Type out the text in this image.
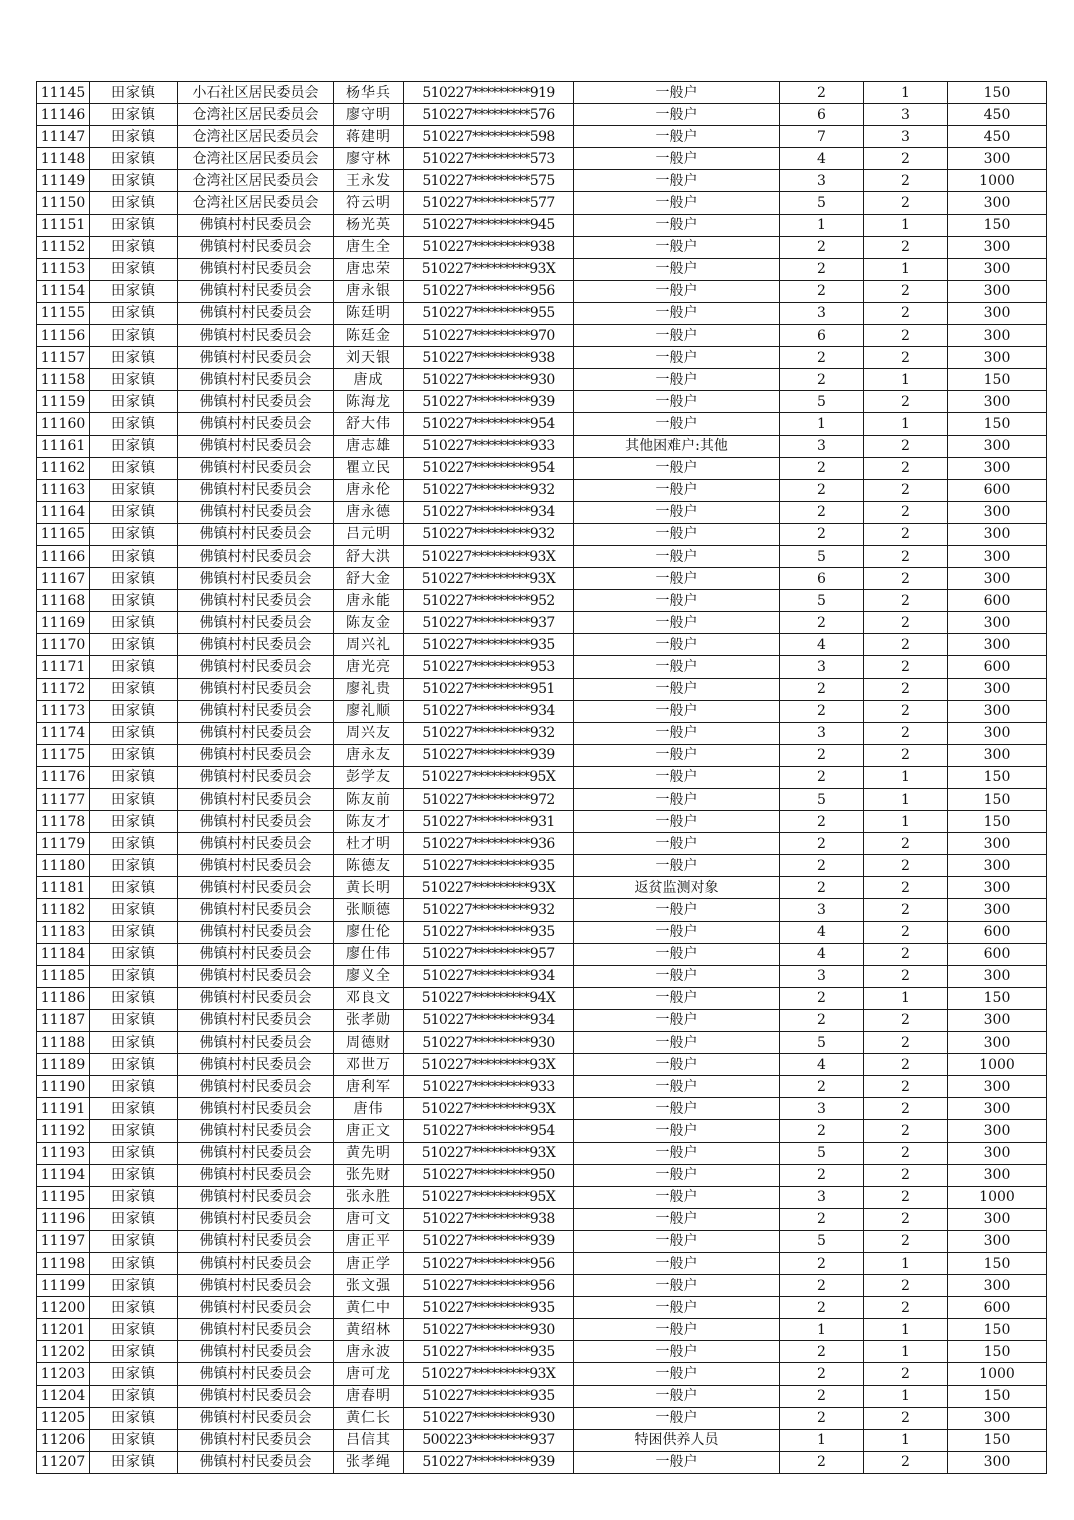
11145	田家镇	小石社区居民委员会	杨华兵	510227*********919	一般户	2	1	150
11146	田家镇	仓湾社区居民委员会	廖守明	510227*********576	一般户	6	3	450
11147	田家镇	仓湾社区居民委员会	蒋建明	510227*********598	一般户	7	3	450
11148	田家镇	仓湾社区居民委员会	廖守林	510227*********573	一般户	4	2	300
11149	田家镇	仓湾社区居民委员会	王永发	510227*********575	一般户	3	2	1000
11150	田家镇	仓湾社区居民委员会	符云明	510227*********577	一般户	5	2	300
11151	田家镇	佛镇村村民委员会	杨光英	510227*********945	一般户	1	1	150
11152	田家镇	佛镇村村民委员会	唐生全	510227*********938	一般户	2	2	300
11153	田家镇	佛镇村村民委员会	唐忠荣	510227*********93X	一般户	2	1	300
11154	田家镇	佛镇村村民委员会	唐永银	510227*********956	一般户	2	2	300
11155	田家镇	佛镇村村民委员会	陈廷明	510227*********955	一般户	3	2	300
11156	田家镇	佛镇村村民委员会	陈廷金	510227*********970	一般户	6	2	300
11157	田家镇	佛镇村村民委员会	刘天银	510227*********938	一般户	2	2	300
11158	田家镇	佛镇村村民委员会	唐成	510227*********930	一般户	2	1	150
11159	田家镇	佛镇村村民委员会	陈海龙	510227*********939	一般户	5	2	300
11160	田家镇	佛镇村村民委员会	舒大伟	510227*********954	一般户	1	1	150
11161	田家镇	佛镇村村民委员会	唐志雄	510227*********933	其他困难户:其他	3	2	300
11162	田家镇	佛镇村村民委员会	瞿立民	510227*********954	一般户	2	2	300
11163	田家镇	佛镇村村民委员会	唐永伦	510227*********932	一般户	2	2	600
11164	田家镇	佛镇村村民委员会	唐永德	510227*********934	一般户	2	2	300
11165	田家镇	佛镇村村民委员会	吕元明	510227*********932	一般户	2	2	300
11166	田家镇	佛镇村村民委员会	舒大洪	510227*********93X	一般户	5	2	300
11167	田家镇	佛镇村村民委员会	舒大金	510227*********93X	一般户	6	2	300
11168	田家镇	佛镇村村民委员会	唐永能	510227*********952	一般户	5	2	600
11169	田家镇	佛镇村村民委员会	陈友金	510227*********937	一般户	2	2	300
11170	田家镇	佛镇村村民委员会	周兴礼	510227*********935	一般户	4	2	300
11171	田家镇	佛镇村村民委员会	唐光亮	510227*********953	一般户	3	2	600
11172	田家镇	佛镇村村民委员会	廖礼贵	510227*********951	一般户	2	2	300
11173	田家镇	佛镇村村民委员会	廖礼顺	510227*********934	一般户	2	2	300
11174	田家镇	佛镇村村民委员会	周兴友	510227*********932	一般户	3	2	300
11175	田家镇	佛镇村村民委员会	唐永友	510227*********939	一般户	2	2	300
11176	田家镇	佛镇村村民委员会	彭学友	510227*********95X	一般户	2	1	150
11177	田家镇	佛镇村村民委员会	陈友前	510227*********972	一般户	5	1	150
11178	田家镇	佛镇村村民委员会	陈友才	510227*********931	一般户	2	1	150
11179	田家镇	佛镇村村民委员会	杜才明	510227*********936	一般户	2	2	300
11180	田家镇	佛镇村村民委员会	陈德友	510227*********935	一般户	2	2	300
11181	田家镇	佛镇村村民委员会	黄长明	510227*********93X	返贫监测对象	2	2	300
11182	田家镇	佛镇村村民委员会	张顺德	510227*********932	一般户	3	2	300
11183	田家镇	佛镇村村民委员会	廖仕伦	510227*********935	一般户	4	2	600
11184	田家镇	佛镇村村民委员会	廖仕伟	510227*********957	一般户	4	2	600
11185	田家镇	佛镇村村民委员会	廖义全	510227*********934	一般户	3	2	300
11186	田家镇	佛镇村村民委员会	邓良文	510227*********94X	一般户	2	1	150
11187	田家镇	佛镇村村民委员会	张孝勋	510227*********934	一般户	2	2	300
11188	田家镇	佛镇村村民委员会	周德财	510227*********930	一般户	5	2	300
11189	田家镇	佛镇村村民委员会	邓世万	510227*********93X	一般户	4	2	1000
11190	田家镇	佛镇村村民委员会	唐利军	510227*********933	一般户	2	2	300
11191	田家镇	佛镇村村民委员会	唐伟	510227*********93X	一般户	3	2	300
11192	田家镇	佛镇村村民委员会	唐正文	510227*********954	一般户	2	2	300
11193	田家镇	佛镇村村民委员会	黄先明	510227*********93X	一般户	5	2	300
11194	田家镇	佛镇村村民委员会	张先财	510227*********950	一般户	2	2	300
11195	田家镇	佛镇村村民委员会	张永胜	510227*********95X	一般户	3	2	1000
11196	田家镇	佛镇村村民委员会	唐可文	510227*********938	一般户	2	2	300
11197	田家镇	佛镇村村民委员会	唐正平	510227*********939	一般户	5	2	300
11198	田家镇	佛镇村村民委员会	唐正学	510227*********956	一般户	2	1	150
11199	田家镇	佛镇村村民委员会	张文强	510227*********956	一般户	2	2	300
11200	田家镇	佛镇村村民委员会	黄仁中	510227*********935	一般户	2	2	600
11201	田家镇	佛镇村村民委员会	黄绍林	510227*********930	一般户	1	1	150
11202	田家镇	佛镇村村民委员会	唐永波	510227*********935	一般户	2	1	150
11203	田家镇	佛镇村村民委员会	唐可龙	510227*********93X	一般户	2	2	1000
11204	田家镇	佛镇村村民委员会	唐春明	510227*********935	一般户	2	1	150
11205	田家镇	佛镇村村民委员会	黄仁长	510227*********930	一般户	2	2	300
11206	田家镇	佛镇村村民委员会	吕信其	500223*********937	特困供养人员	1	1	150
11207	田家镇	佛镇村村民委员会	张孝绳	510227*********939	一般户	2	2	300
